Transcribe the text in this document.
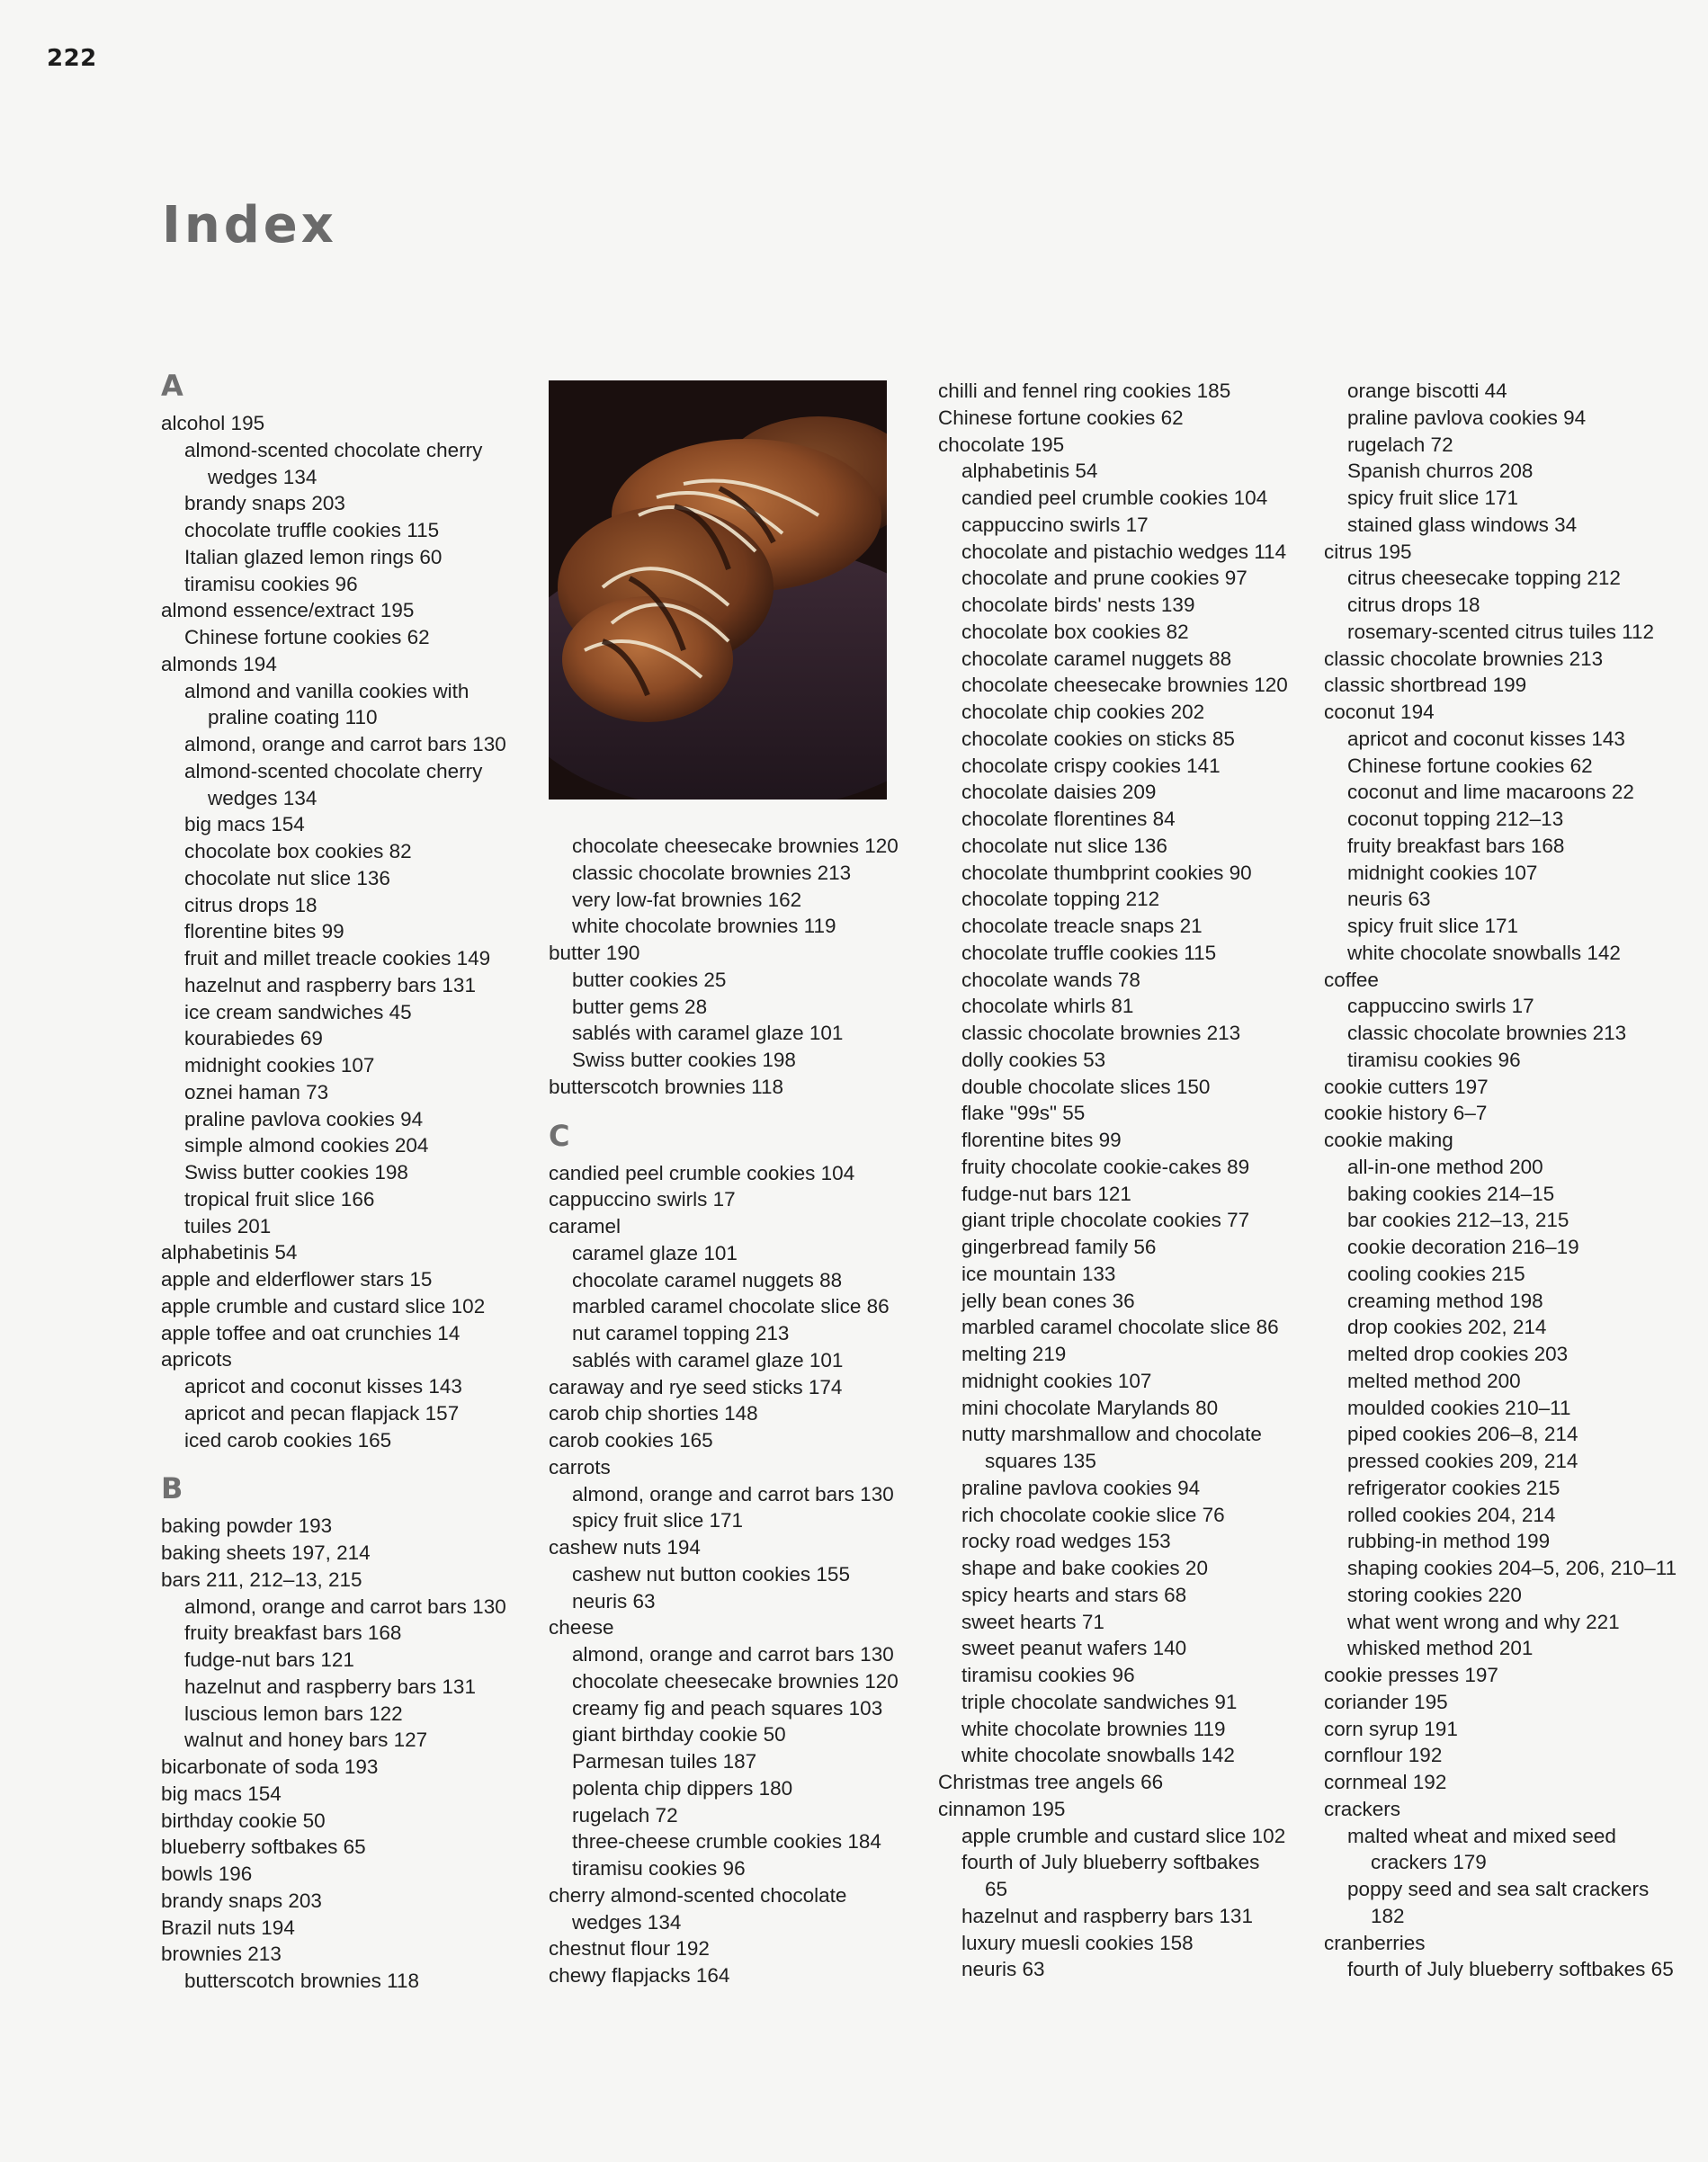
222
Index
A
alcohol 195
almond-scented chocolate cherry
wedges 134
brandy snaps 203
chocolate truffle cookies 115
Italian glazed lemon rings 60
tiramisu cookies 96
almond essence/extract 195
Chinese fortune cookies 62
almonds 194
almond and vanilla cookies with
praline coating 110
almond, orange and carrot bars 130
almond-scented chocolate cherry
wedges 134
big macs 154
chocolate box cookies 82
chocolate nut slice 136
citrus drops 18
florentine bites 99
fruit and millet treacle cookies 149
hazelnut and raspberry bars 131
ice cream sandwiches 45
kourabiedes 69
midnight cookies 107
oznei haman 73
praline pavlova cookies 94
simple almond cookies 204
Swiss butter cookies 198
tropical fruit slice 166
tuiles 201
alphabetinis 54
apple and elderflower stars 15
apple crumble and custard slice 102
apple toffee and oat crunchies 14
apricots
apricot and coconut kisses 143
apricot and pecan flapjack 157
iced carob cookies 165
B
baking powder 193
baking sheets 197, 214
bars 211, 212–13, 215
almond, orange and carrot bars 130
fruity breakfast bars 168
fudge-nut bars 121
hazelnut and raspberry bars 131
luscious lemon bars 122
walnut and honey bars 127
bicarbonate of soda 193
big macs 154
birthday cookie 50
blueberry softbakes 65
bowls 196
brandy snaps 203
Brazil nuts 194
brownies 213
butterscotch brownies 118
chocolate cheesecake brownies 120
classic chocolate brownies 213
very low-fat brownies 162
white chocolate brownies 119
butter 190
butter cookies 25
butter gems 28
sablés with caramel glaze 101
Swiss butter cookies 198
butterscotch brownies 118
C
candied peel crumble cookies 104
cappuccino swirls 17
caramel
caramel glaze 101
chocolate caramel nuggets 88
marbled caramel chocolate slice 86
nut caramel topping 213
sablés with caramel glaze 101
caraway and rye seed sticks 174
carob chip shorties 148
carob cookies 165
carrots
almond, orange and carrot bars 130
spicy fruit slice 171
cashew nuts 194
cashew nut button cookies 155
neuris 63
cheese
almond, orange and carrot bars 130
chocolate cheesecake brownies 120
creamy fig and peach squares 103
giant birthday cookie 50
Parmesan tuiles 187
polenta chip dippers 180
rugelach 72
three-cheese crumble cookies 184
tiramisu cookies 96
cherry almond-scented chocolate
wedges 134
chestnut flour 192
chewy flapjacks 164
chilli and fennel ring cookies 185
Chinese fortune cookies 62
chocolate 195
alphabetinis 54
candied peel crumble cookies 104
cappuccino swirls 17
chocolate and pistachio wedges 114
chocolate and prune cookies 97
chocolate birds' nests 139
chocolate box cookies 82
chocolate caramel nuggets 88
chocolate cheesecake brownies 120
chocolate chip cookies 202
chocolate cookies on sticks 85
chocolate crispy cookies 141
chocolate daisies 209
chocolate florentines 84
chocolate nut slice 136
chocolate thumbprint cookies 90
chocolate topping 212
chocolate treacle snaps 21
chocolate truffle cookies 115
chocolate wands 78
chocolate whirls 81
classic chocolate brownies 213
dolly cookies 53
double chocolate slices 150
flake "99s" 55
florentine bites 99
fruity chocolate cookie-cakes 89
fudge-nut bars 121
giant triple chocolate cookies 77
gingerbread family 56
ice mountain 133
jelly bean cones 36
marbled caramel chocolate slice 86
melting 219
midnight cookies 107
mini chocolate Marylands 80
nutty marshmallow and chocolate
squares 135
praline pavlova cookies 94
rich chocolate cookie slice 76
rocky road wedges 153
shape and bake cookies 20
spicy hearts and stars 68
sweet hearts 71
sweet peanut wafers 140
tiramisu cookies 96
triple chocolate sandwiches 91
white chocolate brownies 119
white chocolate snowballs 142
Christmas tree angels 66
cinnamon 195
apple crumble and custard slice 102
fourth of July blueberry softbakes
65
hazelnut and raspberry bars 131
luxury muesli cookies 158
neuris 63
orange biscotti 44
praline pavlova cookies 94
rugelach 72
Spanish churros 208
spicy fruit slice 171
stained glass windows 34
citrus 195
citrus cheesecake topping 212
citrus drops 18
rosemary-scented citrus tuiles 112
classic chocolate brownies 213
classic shortbread 199
coconut 194
apricot and coconut kisses 143
Chinese fortune cookies 62
coconut and lime macaroons 22
coconut topping 212–13
fruity breakfast bars 168
midnight cookies 107
neuris 63
spicy fruit slice 171
white chocolate snowballs 142
coffee
cappuccino swirls 17
classic chocolate brownies 213
tiramisu cookies 96
cookie cutters 197
cookie history 6–7
cookie making
all-in-one method 200
baking cookies 214–15
bar cookies 212–13, 215
cookie decoration 216–19
cooling cookies 215
creaming method 198
drop cookies 202, 214
melted drop cookies 203
melted method 200
moulded cookies 210–11
piped cookies 206–8, 214
pressed cookies 209, 214
refrigerator cookies 215
rolled cookies 204, 214
rubbing-in method 199
shaping cookies 204–5, 206, 210–11
storing cookies 220
what went wrong and why 221
whisked method 201
cookie presses 197
coriander 195
corn syrup 191
cornflour 192
cornmeal 192
crackers
malted wheat and mixed seed
crackers 179
poppy seed and sea salt crackers
182
cranberries
fourth of July blueberry softbakes 65
